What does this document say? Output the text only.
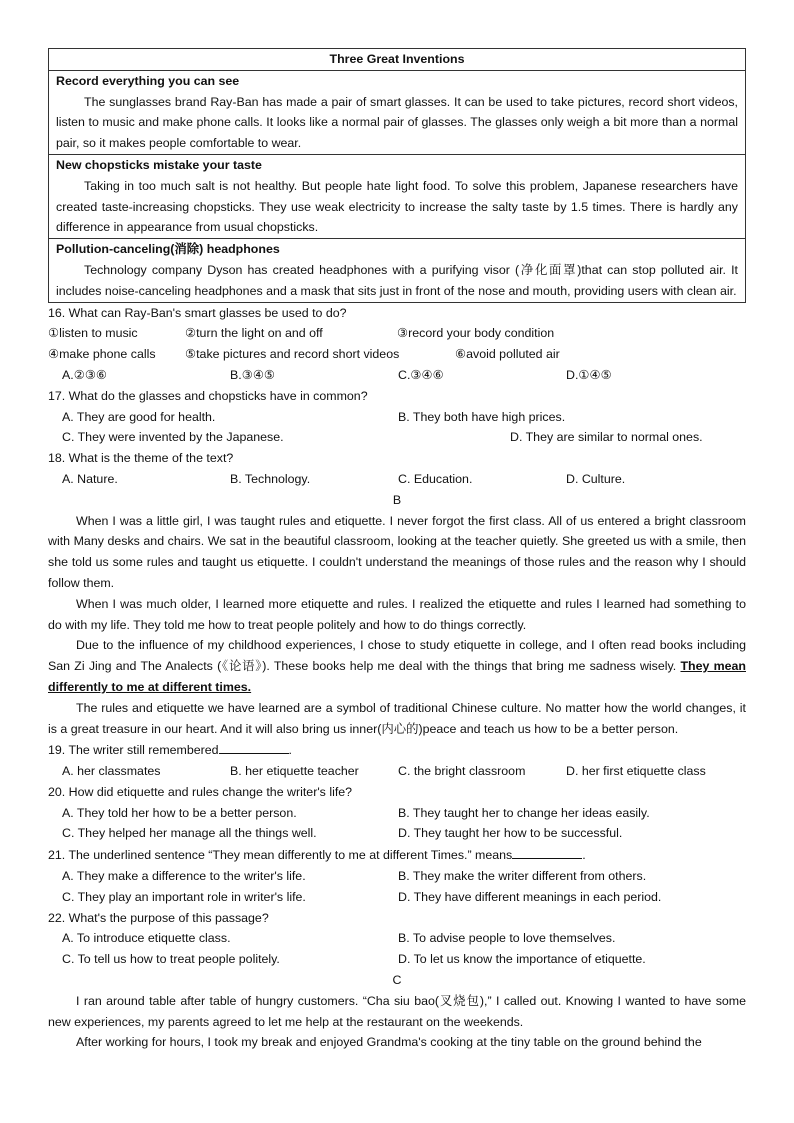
Three Great Inventions

Record everything you can see
The sunglasses brand Ray-Ban has made a pair of smart glasses. It can be used to take pictures, record short videos, listen to music and make phone calls. It looks like a normal pair of glasses. The glasses only weigh a bit more than a normal pair, so it makes people comfortable to wear.

New chopsticks mistake your taste
Taking in too much salt is not healthy. But people hate light food. To solve this problem, Japanese researchers have created taste-increasing chopsticks. They use weak electricity to increase the salty taste by 1.5 times. There is hardly any difference in appearance from usual chopsticks.

Pollution-canceling(消除) headphones
Technology company Dyson has created headphones with a purifying visor (净化面罩)that can stop polluted air. It includes noise-canceling headphones and a mask that sits just in front of the nose and mouth, providing users with clean air.

16. What can Ray-Ban's smart glasses be used to do?

①listen to music	②turn the light on and off	③record your body condition
④make phone calls	⑤take pictures and record short videos	⑥avoid polluted air
A.②③⑥	B.③④⑤	C.③④⑥	D.①④⑤

17. What do the glasses and chopsticks have in common?

A. They are good for health.	B. They both have high prices.
C. They were invented by the Japanese.	D. They are similar to normal ones.

18. What is the theme of the text?

A. Nature.	B. Technology.	C. Education.	D. Culture.
B
When I was a little girl, I was taught rules and etiquette. I never forgot the first class. All of us entered a bright classroom with Many desks and chairs. We sat in the beautiful classroom, looking at the teacher quietly. She greeted us with a smile, then she told us some rules and taught us etiquette. I couldn't understand the meanings of those rules and the reason why I should follow them.
When I was much older, I learned more etiquette and rules. I realized the etiquette and rules I learned had something to do with my life. They told me how to treat people politely and how to do things correctly.
Due to the influence of my childhood experiences, I chose to study etiquette in college, and I often read books including San Zi Jing and The Analects (《论语》). These books help me deal with the things that bring me sadness wisely. They mean differently to me at different times.
The rules and etiquette we have learned are a symbol of traditional Chinese culture. No matter how the world changes, it is a great treasure in our heart. And it will also bring us inner(内心的)peace and teach us how to be a better person.

19. The writer still remembered	.

A. her classmates	B. her etiquette teacher	C. the bright classroom	D. her first etiquette class

20. How did etiquette and rules change the writer's life?

A. They told her how to be a better person.	B. They taught her to change her ideas easily.
C. They helped her manage all the things well.	D. They taught her how to be successful.

21. The underlined sentence “They mean differently to me at different Times.” means	.

A. They make a difference to the writer's life.	B. They make the writer different from others.
C. They play an important role in writer's life.	D. They have different meanings in each period.

22. What's the purpose of this passage?

A. To introduce etiquette class.	B. To advise people to love themselves.
C. To tell us how to treat people politely.	D. To let us know the importance of etiquette.
C
I ran around table after table of hungry customers. “Cha siu bao(叉烧包),” I called out. Knowing I wanted to have some new experiences, my parents agreed to let me help at the restaurant on the weekends.
After working for hours, I took my break and enjoyed Grandma's cooking at the tiny table on the ground behind the
